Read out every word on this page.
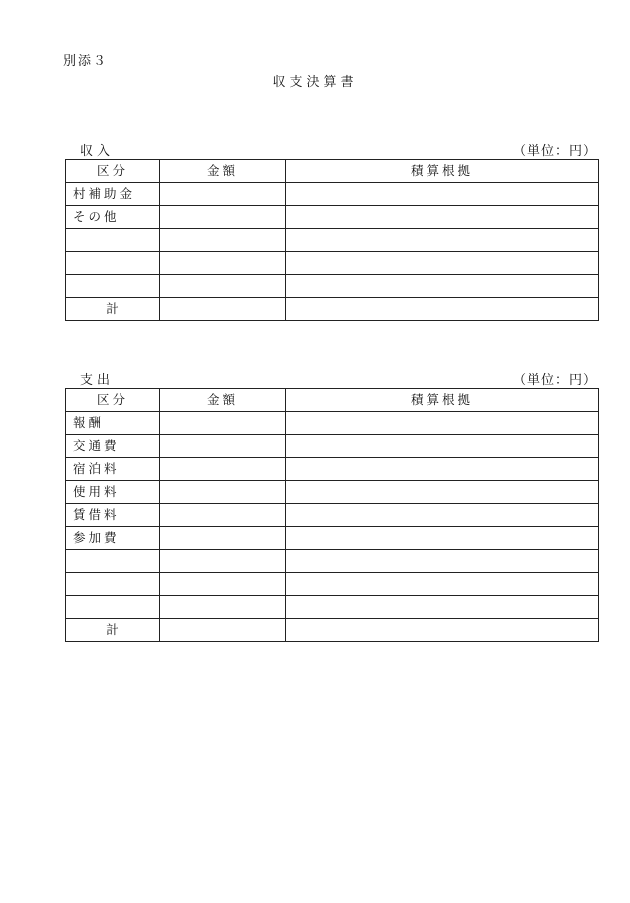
別添３
収支決算書
収入	（単位：円）
区分	金額	積算根拠
村補助金		
その他		

計		
支出	（単位：円）
区分	金額	積算根拠
報酬		
交通費		
宿泊料		
使用料		
賃借料		
参加費		

計		
